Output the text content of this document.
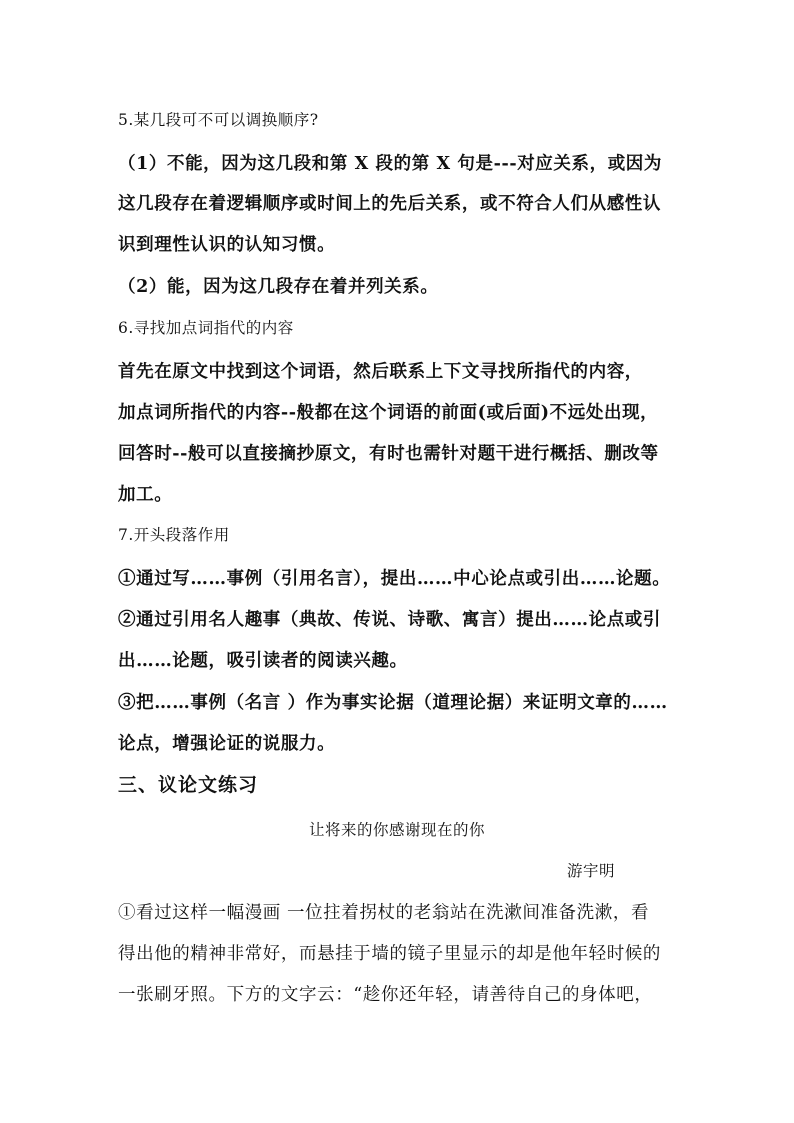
5.某几段可不可以调换顺序?

（1）不能，因为这几段和第 X 段的第 X 句是---对应关系，或因为

这几段存在着逻辑顺序或时间上的先后关系，或不符合人们从感性认

识到理性认识的认知习惯。

（2）能，因为这几段存在着并列关系。

6.寻找加点词指代的内容

首先在原文中找到这个词语，然后联系上下文寻找所指代的内容，

加点词所指代的内容--般都在这个词语的前面(或后面)不远处出现，

回答时--般可以直接摘抄原文，有时也需针对题干进行概括、删改等

加工。

7.开头段落作用

①通过写……事例（引用名言），提出……中心论点或引出……论题。

②通过引用名人趣事（典故、传说、诗歌、寓言）提出……论点或引

出……论题，吸引读者的阅读兴趣。

③把……事例（名言 ）作为事实论据（道理论据）来证明文章的……

论点，增强论证的说服力。

三、议论文练习

让将来的你感谢现在的你

游宇明

①看过这样一幅漫画 一位拄着拐杖的老翁站在洗漱间准备洗漱，看

得出他的精神非常好，而悬挂于墙的镜子里显示的却是他年轻时候的

一张刷牙照。下方的文字云：“趁你还年轻，请善待自己的身体吧，
